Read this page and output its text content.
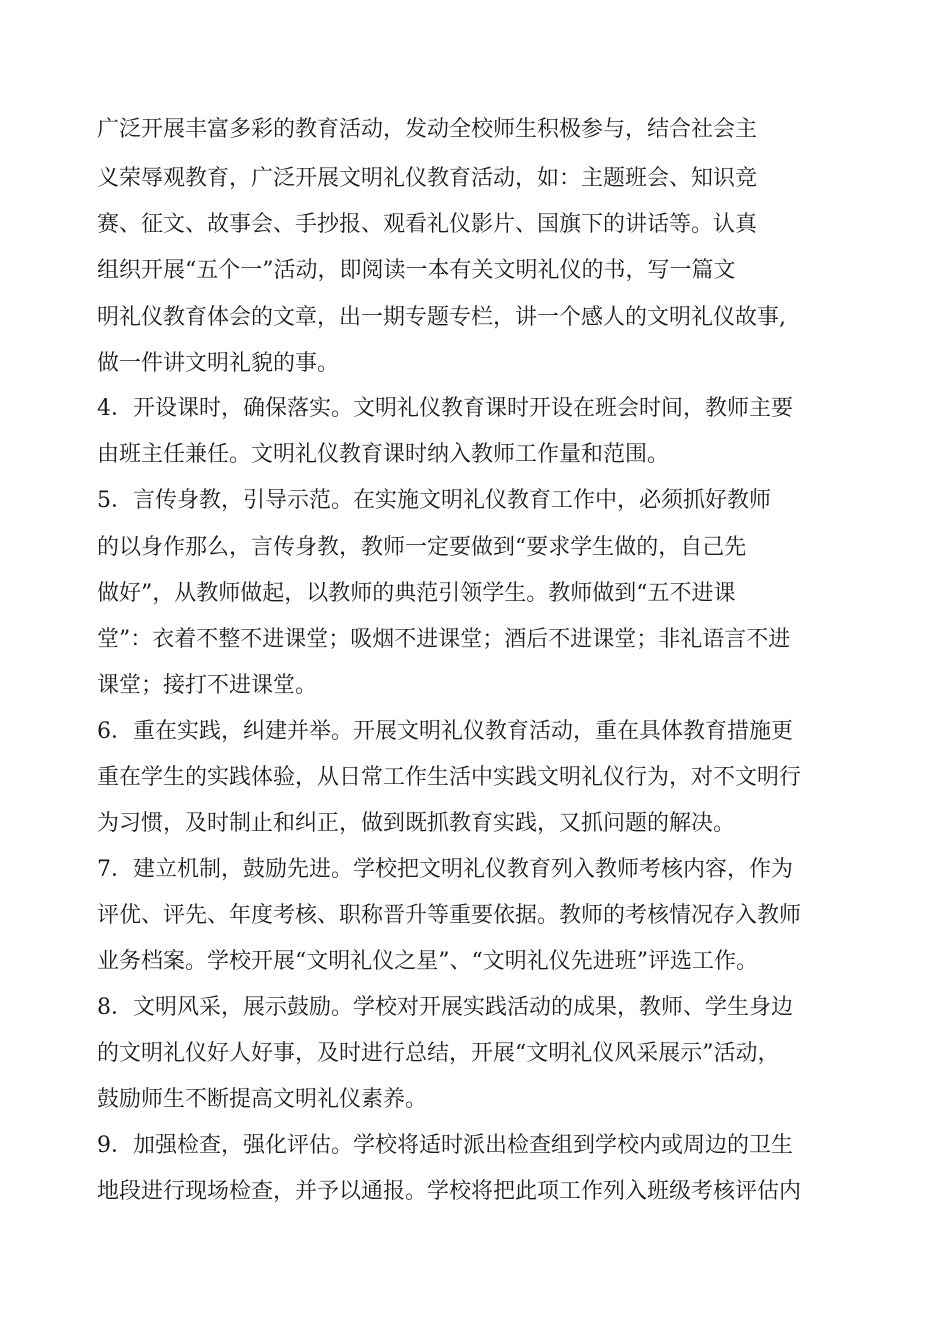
广泛开展丰富多彩的教育活动，发动全校师生积极参与，结合社会主
义荣辱观教育，广泛开展文明礼仪教育活动，如：主题班会、知识竞
赛、征文、故事会、手抄报、观看礼仪影片、国旗下的讲话等。认真
组织开展“五个一”活动，即阅读一本有关文明礼仪的书，写一篇文
明礼仪教育体会的文章，出一期专题专栏，讲一个感人的文明礼仪故事,
做一件讲文明礼貌的事。
4．开设课时，确保落实。文明礼仪教育课时开设在班会时间，教师主要
由班主任兼任。文明礼仪教育课时纳入教师工作量和范围。
5．言传身教，引导示范。在实施文明礼仪教育工作中，必须抓好教师
的以身作那么，言传身教，教师一定要做到“要求学生做的，自己先
做好”，从教师做起，以教师的典范引领学生。教师做到“五不进课
堂”：衣着不整不进课堂；吸烟不进课堂；酒后不进课堂；非礼语言不进
课堂；接打不进课堂。
6．重在实践，纠建并举。开展文明礼仪教育活动，重在具体教育措施更
重在学生的实践体验，从日常工作生活中实践文明礼仪行为，对不文明行
为习惯，及时制止和纠正，做到既抓教育实践，又抓问题的解决。
7．建立机制，鼓励先进。学校把文明礼仪教育列入教师考核内容，作为
评优、评先、年度考核、职称晋升等重要依据。教师的考核情况存入教师
业务档案。学校开展“文明礼仪之星”、“文明礼仪先进班”评选工作。
8．文明风采，展示鼓励。学校对开展实践活动的成果，教师、学生身边
的文明礼仪好人好事，及时进行总结，开展“文明礼仪风采展示”活动，
鼓励师生不断提高文明礼仪素养。
9．加强检查，强化评估。学校将适时派出检查组到学校内或周边的卫生
地段进行现场检查，并予以通报。学校将把此项工作列入班级考核评估内
